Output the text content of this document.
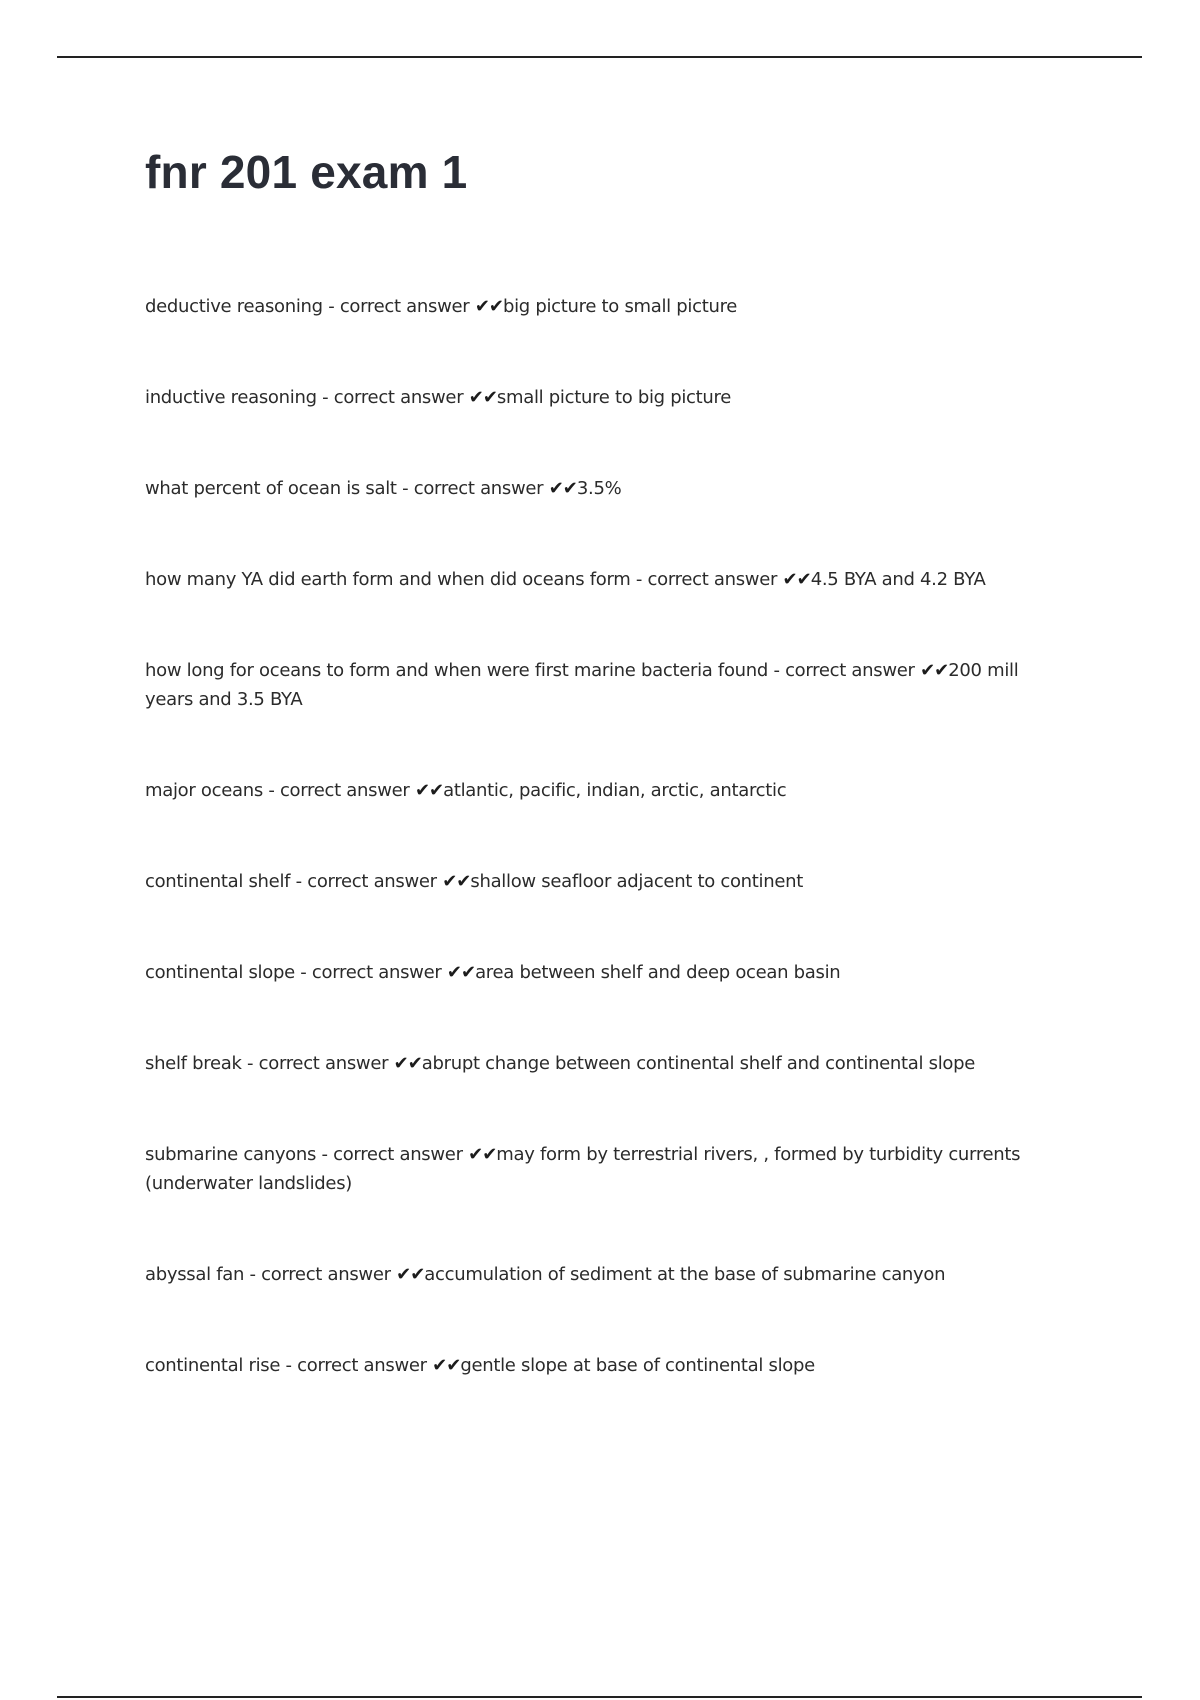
fnr 201 exam 1
deductive reasoning - correct answer ✔✔big picture to small picture
inductive reasoning - correct answer ✔✔small picture to big picture
what percent of ocean is salt - correct answer ✔✔3.5%
how many YA did earth form and when did oceans form - correct answer ✔✔4.5 BYA and 4.2 BYA
how long for oceans to form and when were first marine bacteria found - correct answer ✔✔200 mill years and 3.5 BYA
major oceans - correct answer ✔✔atlantic, pacific, indian, arctic, antarctic
continental shelf - correct answer ✔✔shallow seafloor adjacent to continent
continental slope - correct answer ✔✔area between shelf and deep ocean basin
shelf break - correct answer ✔✔abrupt change between continental shelf and continental slope
submarine canyons - correct answer ✔✔may form by terrestrial rivers, , formed by turbidity currents (underwater landslides)
abyssal fan - correct answer ✔✔accumulation of sediment at the base of submarine canyon
continental rise - correct answer ✔✔gentle slope at base of continental slope
